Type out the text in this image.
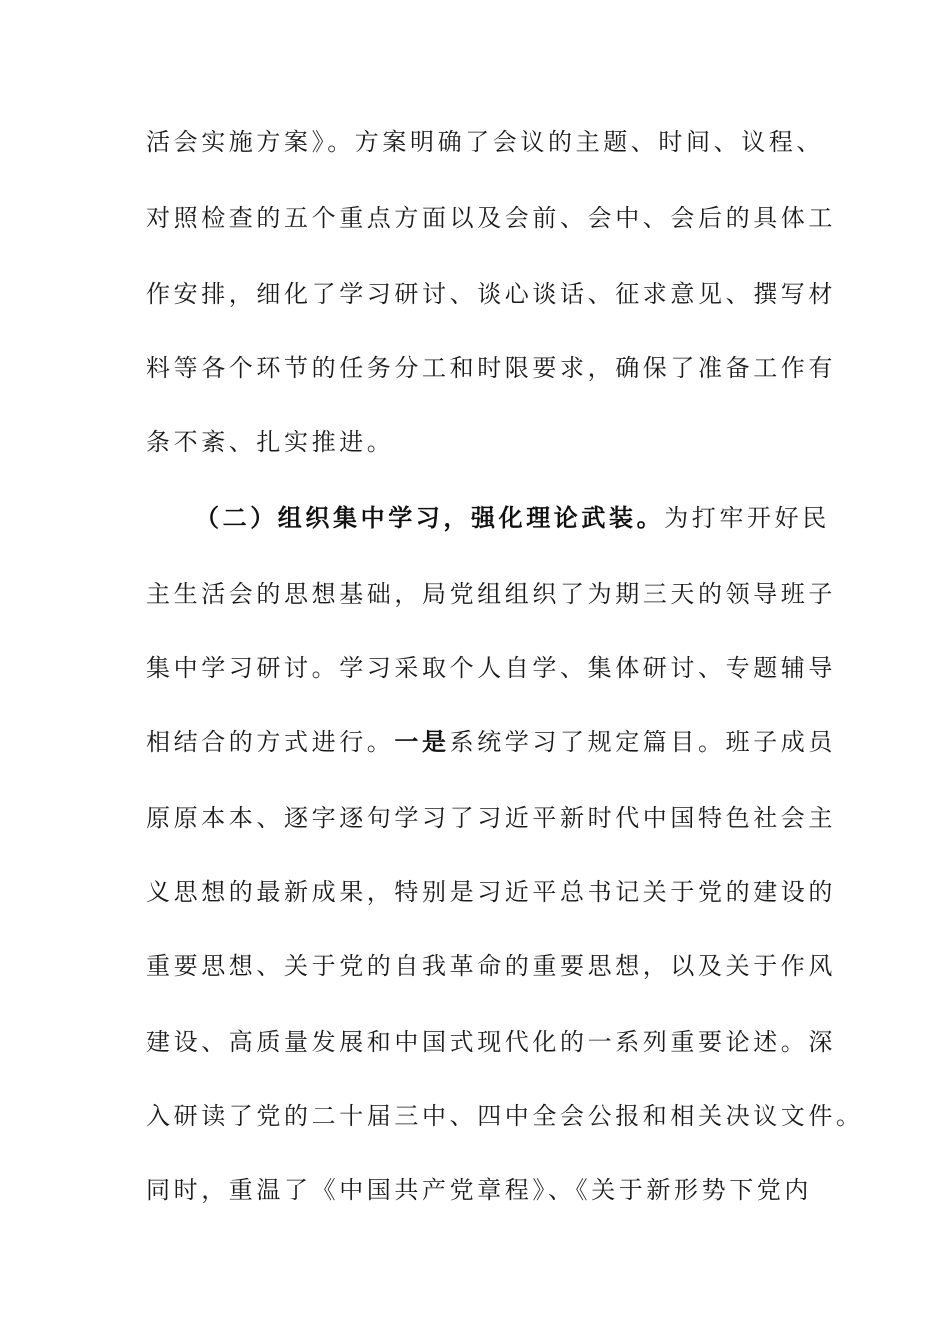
活会实施方案》。方案明确了会议的主题、时间、议程、
对照检查的五个重点方面以及会前、会中、会后的具体工
作安排，细化了学习研讨、谈心谈话、征求意见、撰写材
料等各个环节的任务分工和时限要求，确保了准备工作有
条不紊、扎实推进。
（二）组织集中学习，强化理论武装。为打牢开好民
主生活会的思想基础，局党组组织了为期三天的领导班子
集中学习研讨。学习采取个人自学、集体研讨、专题辅导
相结合的方式进行。一是系统学习了规定篇目。班子成员
原原本本、逐字逐句学习了习近平新时代中国特色社会主
义思想的最新成果，特别是习近平总书记关于党的建设的
重要思想、关于党的自我革命的重要思想，以及关于作风
建设、高质量发展和中国式现代化的一系列重要论述。深
入研读了党的二十届三中、四中全会公报和相关决议文件。
同时，重温了《中国共产党章程》、《关于新形势下党内
